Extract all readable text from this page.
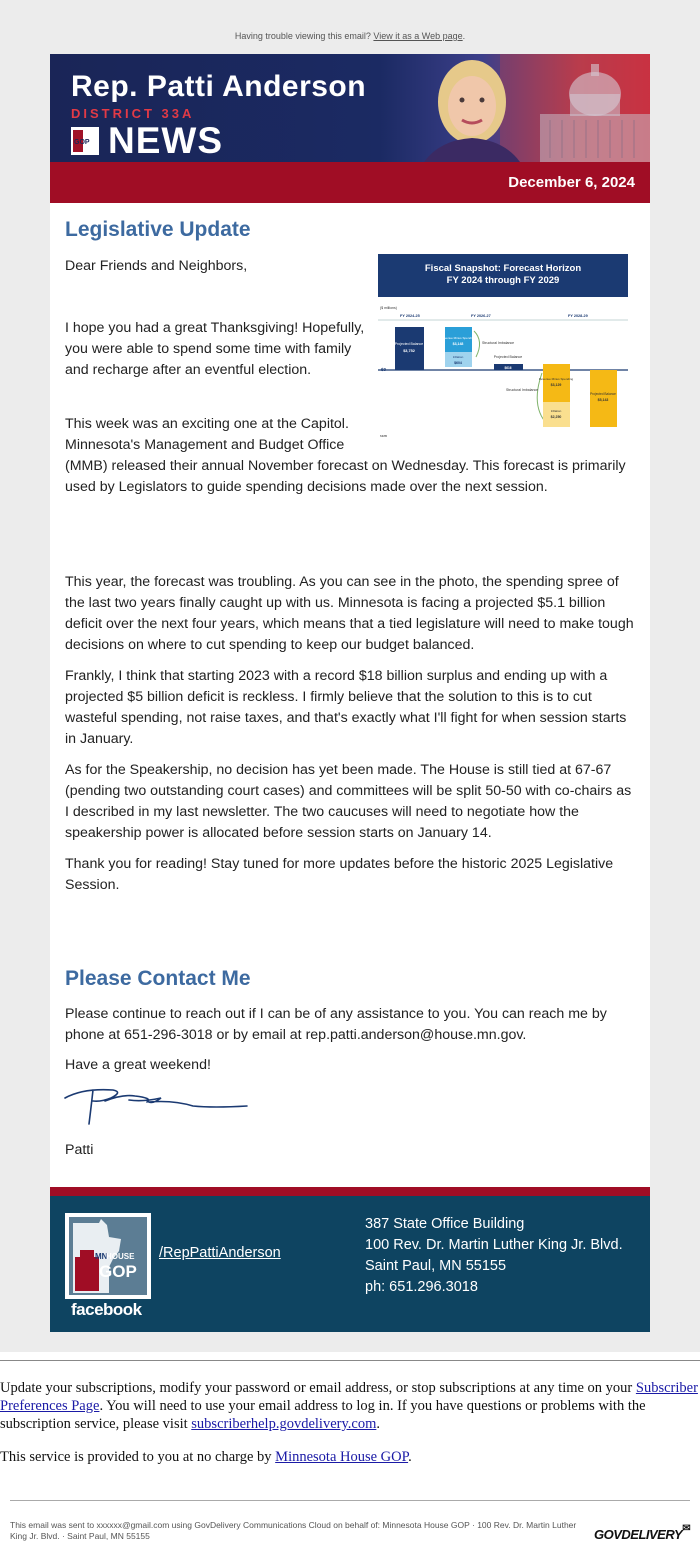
Having trouble viewing this email? View it as a Web page.
Rep. Patti Anderson
DISTRICT 33A
GOP NEWS
December 6, 2024
Legislative Update

Dear Friends and Neighbors,	Fiscal Snapshot: Forecast Horizon
FY 2024 through FY 2029
($ millions)
FY 2024-25	FY 2026-27	FY 2028-29
$0
Projected Balance
$3,752
Revenue Minus Spending
$3,148
Inflation
$604
Structural Imbalance
Projected Balance
$616
Structural Imbalance
Revenue Minus Spending
$3,129
Inflation
$2,250
Projected Balance
$5,143
MMB

I hope you had a great Thanksgiving! Hopefully, you were able to spend some time with family and recharge after an eventful election.

This week was an exciting one at the Capitol. Minnesota's Management and Budget Office

(MMB) released their annual November forecast on Wednesday. This forecast is primarily used by Legislators to guide spending decisions made over the next session.

This year, the forecast was troubling. As you can see in the photo, the spending spree of the last two years finally caught up with us. Minnesota is facing a projected $5.1 billion deficit over the next four years, which means that a tied legislature will need to make tough decisions on where to cut spending to keep our budget balanced.

Frankly, I think that starting 2023 with a record $18 billion surplus and ending up with a projected $5 billion deficit is reckless. I firmly believe that the solution to this is to cut wasteful spending, not raise taxes, and that's exactly what I'll fight for when session starts in January.

As for the Speakership, no decision has yet been made. The House is still tied at 67-67 (pending two outstanding court cases) and committees will be split 50-50 with co-chairs as I described in my last newsletter. The two caucuses will need to negotiate how the speakership power is allocated before session starts on January 14.

Thank you for reading! Stay tuned for more updates before the historic 2025 Legislative Session.

Please Contact Me

Please continue to reach out if I can be of any assistance to you. You can reach me by phone at 651-296-3018 or by email at rep.patti.anderson@house.mn.gov.

Have a great weekend!

Patti

MN
HOUSE
GOP
facebook
/RepPattiAnderson
387 State Office Building
100 Rev. Dr. Martin Luther King Jr. Blvd.
Saint Paul, MN 55155
ph: 651.296.3018
Update your subscriptions, modify your password or email address, or stop subscriptions at any time on your Subscriber Preferences Page. You will need to use your email address to log in. If you have questions or problems with the subscription service, please visit subscriberhelp.govdelivery.com.
This service is provided to you at no charge by Minnesota House GOP.
This email was sent to xxxxxx@gmail.com using GovDelivery Communications Cloud on behalf of: Minnesota House GOP · 100 Rev. Dr. Martin Luther King Jr. Blvd. · Saint Paul, MN 55155	GOVDELIVERY✉
